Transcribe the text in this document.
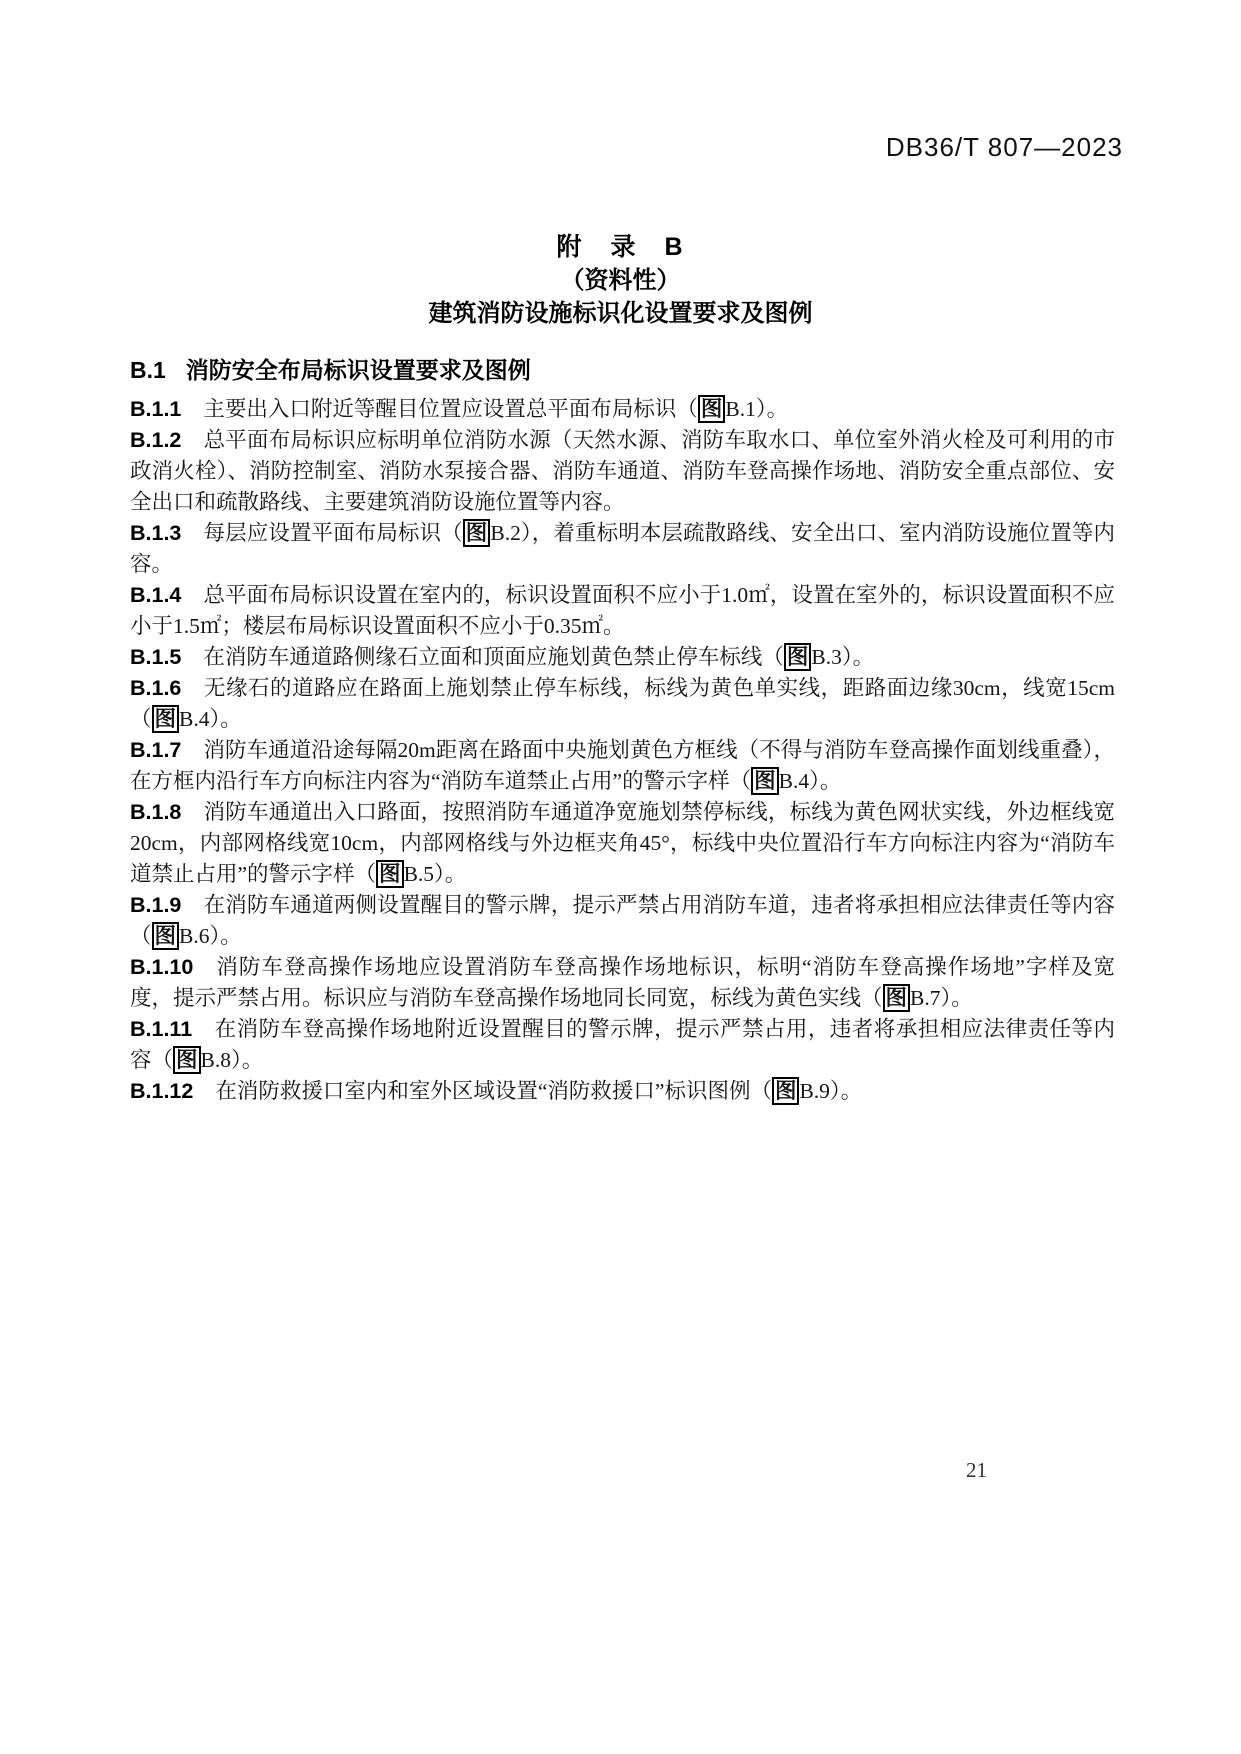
DB36/T 807—2023
附　录　B
（资料性）
建筑消防设施标识化设置要求及图例
B.1 消防安全布局标识设置要求及图例

B.1.1 主要出入口附近等醒目位置应设置总平面布局标识（ 图 B.1）。

B.1.2 总平面布局标识应标明单位消防水源（天然水源、消防车取水口、单位室外消火栓及可利用的市政消火栓）、消防控制室、消防水泵接合器、消防车通道、消防车登高操作场地、消防安全重点部位、安全出口和疏散路线、主要建筑消防设施位置等内容。

B.1.3 每层应设置平面布局标识（ 图 B.2），着重标明本层疏散路线、安全出口、室内消防设施位置等内容。

B.1.4 总平面布局标识设置在室内的，标识设置面积不应小于1.0㎡，设置在室外的，标识设置面积不应小于1.5㎡；楼层布局标识设置面积不应小于0.35㎡。

B.1.5 在消防车通道路侧缘石立面和顶面应施划黄色禁止停车标线（ 图 B.3）。

B.1.6 无缘石的道路应在路面上施划禁止停车标线，标线为黄色单实线，距路面边缘30cm，线宽15cm（ 图 B.4）。

B.1.7 消防车通道沿途每隔20m距离在路面中央施划黄色方框线（不得与消防车登高操作面划线重叠），在方框内沿行车方向标注内容为“消防车道禁止占用”的警示字样（ 图 B.4）。

B.1.8 消防车通道出入口路面，按照消防车通道净宽施划禁停标线，标线为黄色网状实线，外边框线宽20cm，内部网格线宽10cm，内部网格线与外边框夹角45°，标线中央位置沿行车方向标注内容为“消防车道禁止占用”的警示字样（ 图 B.5）。

B.1.9 在消防车通道两侧设置醒目的警示牌，提示严禁占用消防车道，违者将承担相应法律责任等内容（ 图 B.6）。

B.1.10 消防车登高操作场地应设置消防车登高操作场地标识，标明“消防车登高操作场地”字样及宽度，提示严禁占用。标识应与消防车登高操作场地同长同宽，标线为黄色实线（ 图 B.7）。

B.1.11 在消防车登高操作场地附近设置醒目的警示牌，提示严禁占用，违者将承担相应法律责任等内容（ 图 B.8）。

B.1.12 在消防救援口室内和室外区域设置“消防救援口”标识图例（ 图 B.9）。

21
